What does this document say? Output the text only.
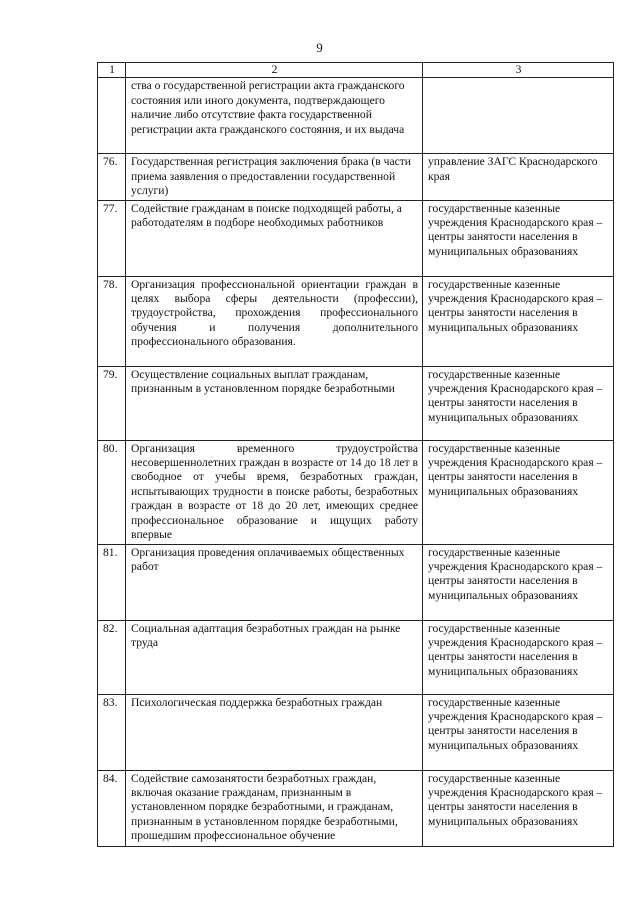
9
1	2	3
	ства о государственной регистрации акта гражданского состояния или иного документа, подтверждающего наличие либо отсутствие факта государственной регистрации акта гражданского состояния, и их выдача	
76.	Государственная регистрация заключения брака (в части приема заявления о предоставлении государственной услуги)	управление ЗАГС Краснодарского края
77.	Содействие гражданам в поиске подходящей работы, а работодателям в подборе необходимых работников	государственные казенные учреждения Краснодарского края – центры занятости населения в муниципальных образованиях
78.	Организация профессиональной ориентации граждан в целях выбора сферы деятельности (профессии), трудоустройства, прохождения профессионального обучения и получения дополнительного профессионального образования.	государственные казенные учреждения Краснодарского края – центры занятости населения в муниципальных образованиях
79.	Осуществление социальных выплат гражданам, признанным в установленном порядке безработными	государственные казенные учреждения Краснодарского края – центры занятости населения в муниципальных образованиях
80.	Организация временного трудоустройства несовершеннолетних граждан в возрасте от 14 до 18 лет в свободное от учебы время, безработных граждан, испытывающих трудности в поиске работы, безработных граждан в возрасте от 18 до 20 лет, имеющих среднее профессиональное образование и ищущих работу впервые	государственные казенные учреждения Краснодарского края – центры занятости населения в муниципальных образованиях
81.	Организация проведения оплачиваемых общественных работ	государственные казенные учреждения Краснодарского края – центры занятости населения в муниципальных образованиях
82.	Социальная адаптация безработных граждан на рынке труда	государственные казенные учреждения Краснодарского края – центры занятости населения в муниципальных образованиях
83.	Психологическая поддержка безработных граждан	государственные казенные учреждения Краснодарского края – центры занятости населения в муниципальных образованиях
84.	Содействие самозанятости безработных граждан, включая оказание гражданам, признанным в установленном порядке безработными, и гражданам, признанным в установленном порядке безработными, прошедшим профессиональное обучение	государственные казенные учреждения Краснодарского края – центры занятости населения в муниципальных образованиях
